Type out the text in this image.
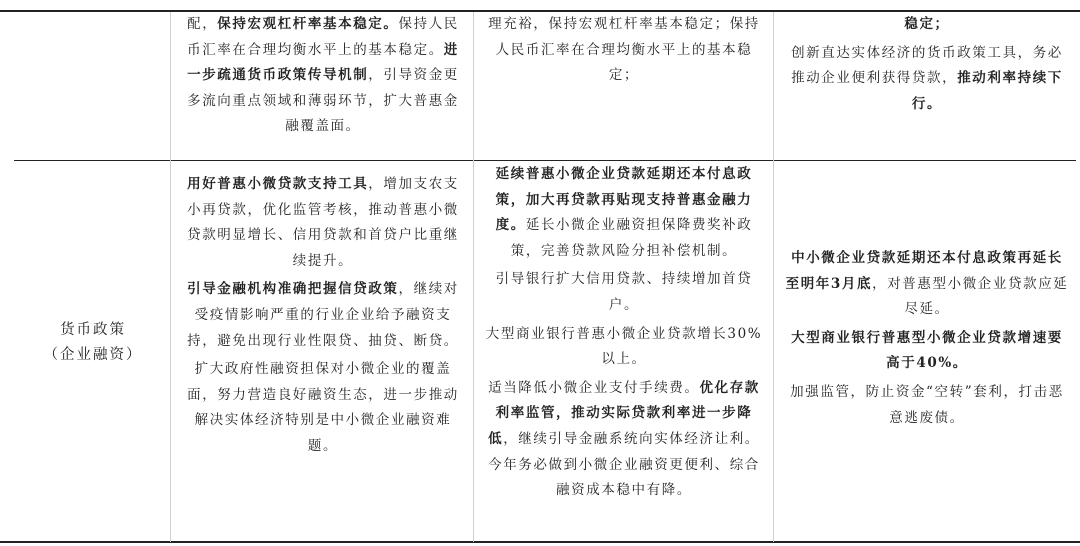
配，保持宏观杠杆率基本稳定。保持人民币汇率在合理均衡水平上的基本稳定。进一步疏通货币政策传导机制，引导资金更多流向重点领域和薄弱环节，扩大普惠金融覆盖面。

理充裕，保持宏观杠杆率基本稳定；保持人民币汇率在合理均衡水平上的基本稳定；

稳定；

创新直达实体经济的货币政策工具，务必推动企业便利获得贷款，推动利率持续下行。

货币政策
（企业融资）

用好普惠小微贷款支持工具，增加支农支小再贷款，优化监管考核，推动普惠小微贷款明显增长、信用贷款和首贷户比重继续提升。

引导金融机构准确把握信贷政策，继续对受疫情影响严重的行业企业给予融资支持，避免出现行业性限贷、抽贷、断贷。

扩大政府性融资担保对小微企业的覆盖面，努力营造良好融资生态，进一步推动解决实体经济特别是中小微企业融资难题。

延续普惠小微企业贷款延期还本付息政策，加大再贷款再贴现支持普惠金融力度。延长小微企业融资担保降费奖补政策，完善贷款风险分担补偿机制。

引导银行扩大信用贷款、持续增加首贷户。

大型商业银行普惠小微企业贷款增长30%以上。

适当降低小微企业支付手续费。优化存款利率监管，推动实际贷款利率进一步降低，继续引导金融系统向实体经济让利。今年务必做到小微企业融资更便利、综合融资成本稳中有降。

中小微企业贷款延期还本付息政策再延长至明年3月底，对普惠型小微企业贷款应延尽延。

大型商业银行普惠型小微企业贷款增速要高于40%。

加强监管，防止资金“空转”套利，打击恶意逃废债。
